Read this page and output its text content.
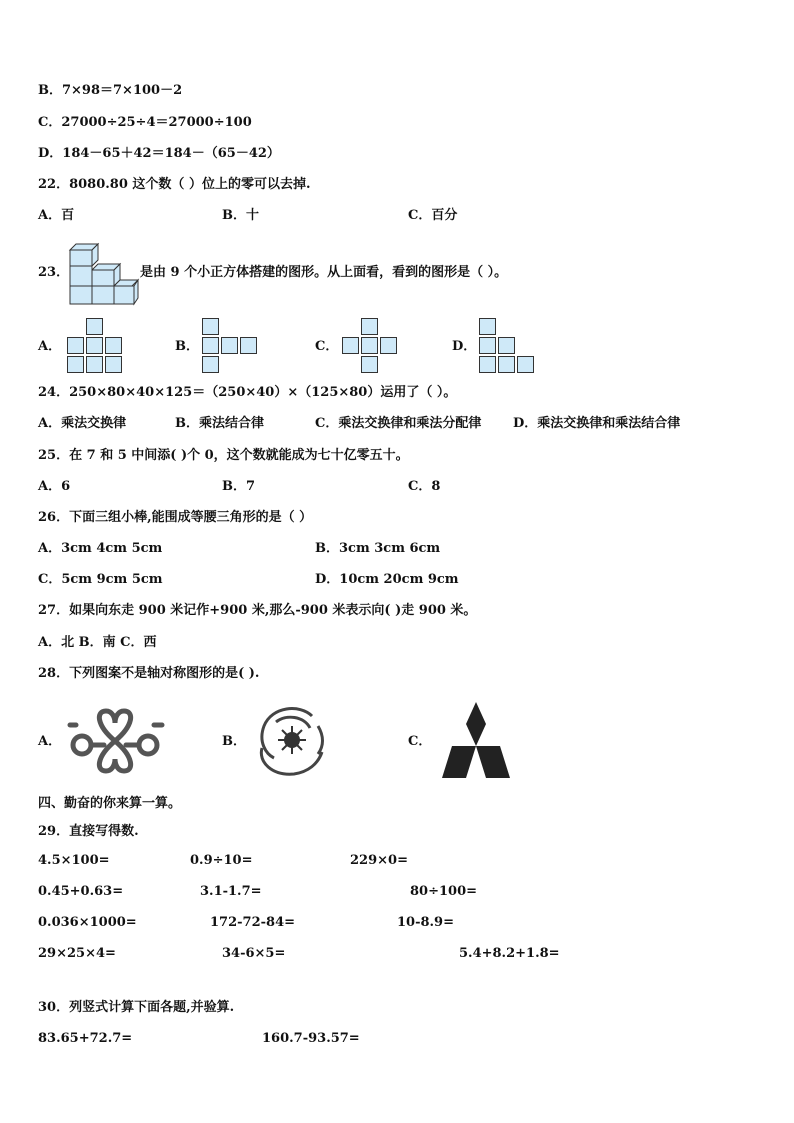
B．7×98＝7×100－2
C．27000÷25÷4＝27000÷100
D．184－65＋42＝184－（65－42）
22．8080.80 这个数（ ）位上的零可以去掉.
A．百	B．十	C．百分
23．	是由 9 个小正方体搭建的图形。从上面看，看到的图形是（ ）。
A．	B．	C．	D．
24．250×80×40×125＝（250×40）×（125×80）运用了（ ）。
A．乘法交换律	B．乘法结合律	C．乘法交换律和乘法分配律 D．乘法交换律和乘法结合律
25．在 7 和 5 中间添( )个 0，这个数就能成为七十亿零五十。
A．6	B．7	C．8
26．下面三组小棒,能围成等腰三角形的是（ ）
A．3cm 4cm 5cm	B．3cm 3cm 6cm
C．5cm 9cm 5cm	D．10cm 20cm 9cm
27．如果向东走 900 米记作+900 米,那么-900 米表示向( )走 900 米。
A．北 B．南 C．西
28．下列图案不是轴对称图形的是( ).
A．	B．	C．
四、勤奋的你来算一算。
29．直接写得数.
4.5×100=	0.9÷10=	229×0=
0.45+0.63=	3.1-1.7=	80÷100=
0.036×1000=	172-72-84=	10-8.9=
29×25×4=	34-6×5=	5.4+8.2+1.8=
30．列竖式计算下面各题,并验算.
83.65+72.7=	160.7-93.57=
